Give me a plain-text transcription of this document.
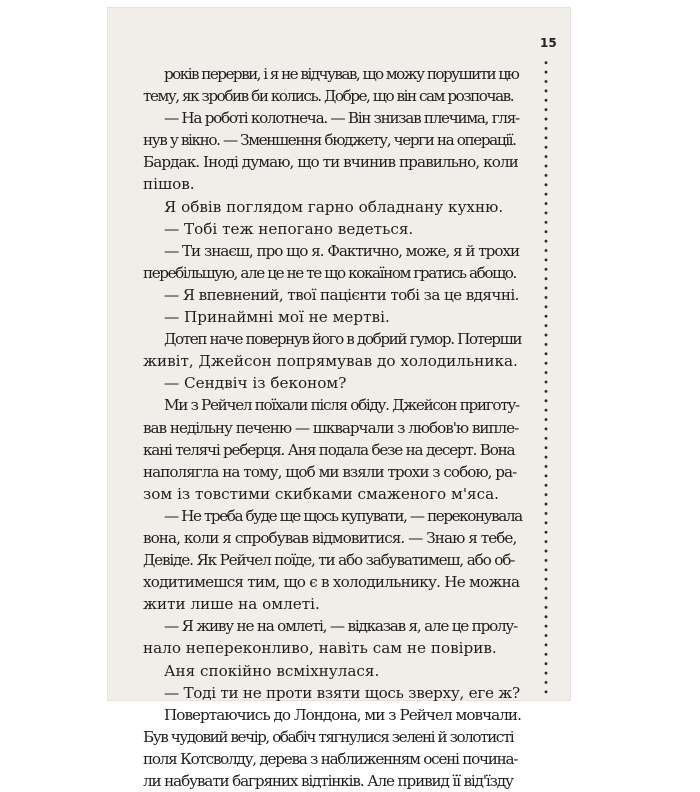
15

років перерви, і я не відчував, що можу порушити цю
тему, як зробив би колись. Добре, що він сам розпочав.

— На роботі колотнеча. — Він знизав плечима, гля-
нув у вікно. — Зменшення бюджету, черги на операції.
Бардак. Іноді думаю, що ти вчинив правильно, коли
пішов.

Я обвів поглядом гарно обладнану кухню.

— Тобі теж непогано ведеться.

— Ти знаєш, про що я. Фактично, може, я й трохи
перебільшую, але це не те що кокаїном гратись абощо.

— Я впевнений, твої пацієнти тобі за це вдячні.

— Принаймні мої не мертві.

Дотеп наче повернув його в добрий гумор. Потерши
живіт, Джейсон попрямував до холодильника.

— Сендвіч із беконом?

Ми з Рейчел поїхали після обіду. Джейсон приготу-
вав недільну печеню — шкварчали з любов'ю виплe-
кані телячі реберця. Аня подала безе на десерт. Вона
наполягла на тому, щоб ми взяли трохи з собою, ра-
зом із товстими скибками смаженого м'яса.

— Не треба буде ще щось купувати, — переконувала
вона, коли я спробував відмовитися. — Знаю я тебе,
Девіде. Як Рейчел поїде, ти або забуватимеш, або об-
ходитимешся тим, що є в холодильнику. Не можна
жити лише на омлеті.

— Я живу не на омлеті, — відказав я, але це пролу-
нало непереконливо, навіть сам не повірив.

Аня спокійно всміхнулася.

— Тоді ти не проти взяти щось зверху, еге ж?

Повертаючись до Лондона, ми з Рейчел мовчали.
Був чудовий вечір, обабіч тягнулися зелені й золотисті
поля Котсволду, дерева з наближенням осені почина-
ли набувати багряних відтінків. Але привид її від'їзду
